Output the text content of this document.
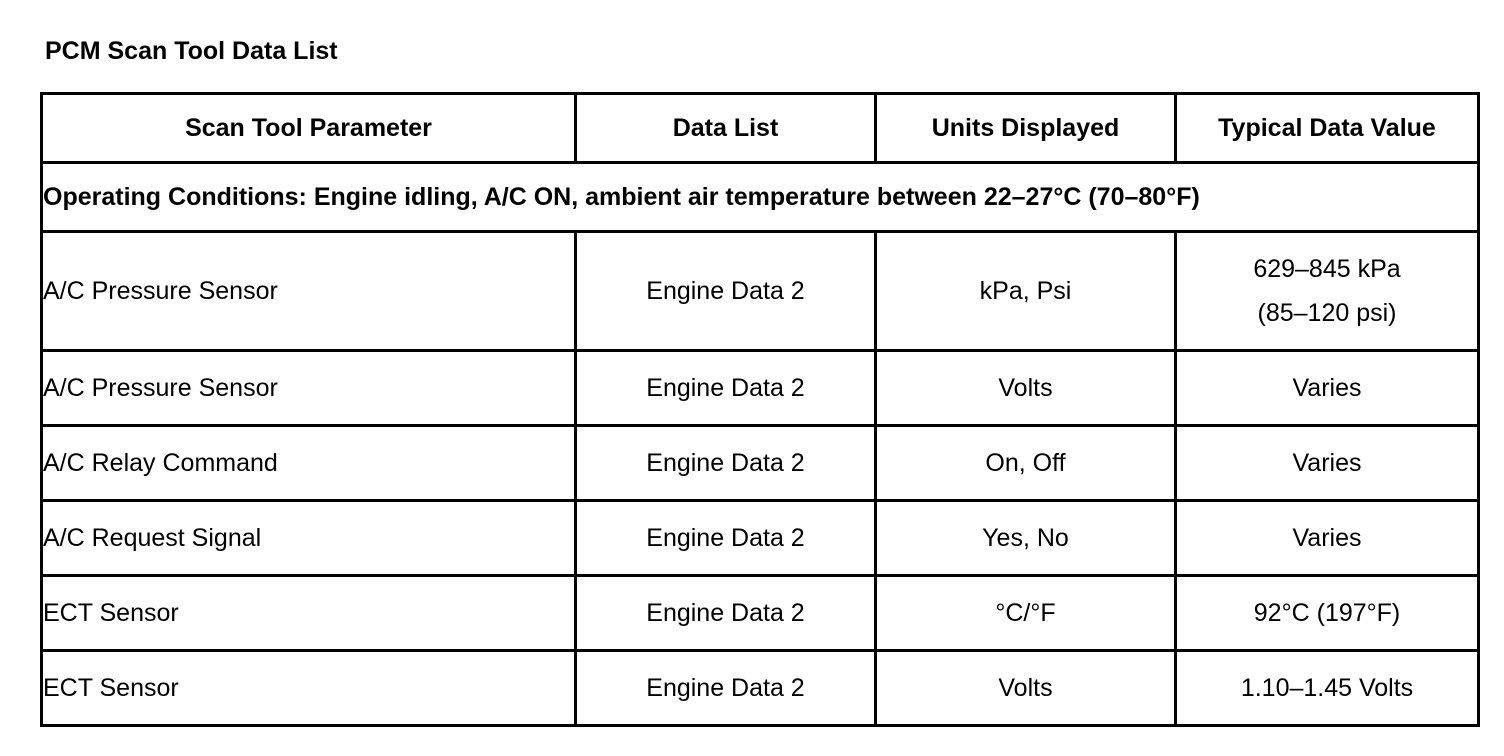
PCM Scan Tool Data List
Scan Tool Parameter	Data List	Units Displayed	Typical Data Value
Operating Conditions: Engine idling, A/C ON, ambient air temperature between 22–27°C (70–80°F)			
A/C Pressure Sensor	Engine Data 2	kPa, Psi	629–845 kPa
(85–120 psi)

A/C Pressure Sensor	Engine Data 2	Volts	Varies
A/C Relay Command	Engine Data 2	On, Off	Varies
A/C Request Signal	Engine Data 2	Yes, No	Varies
ECT Sensor	Engine Data 2	°C/°F	92°C (197°F)
ECT Sensor	Engine Data 2	Volts	1.10–1.45 Volts
